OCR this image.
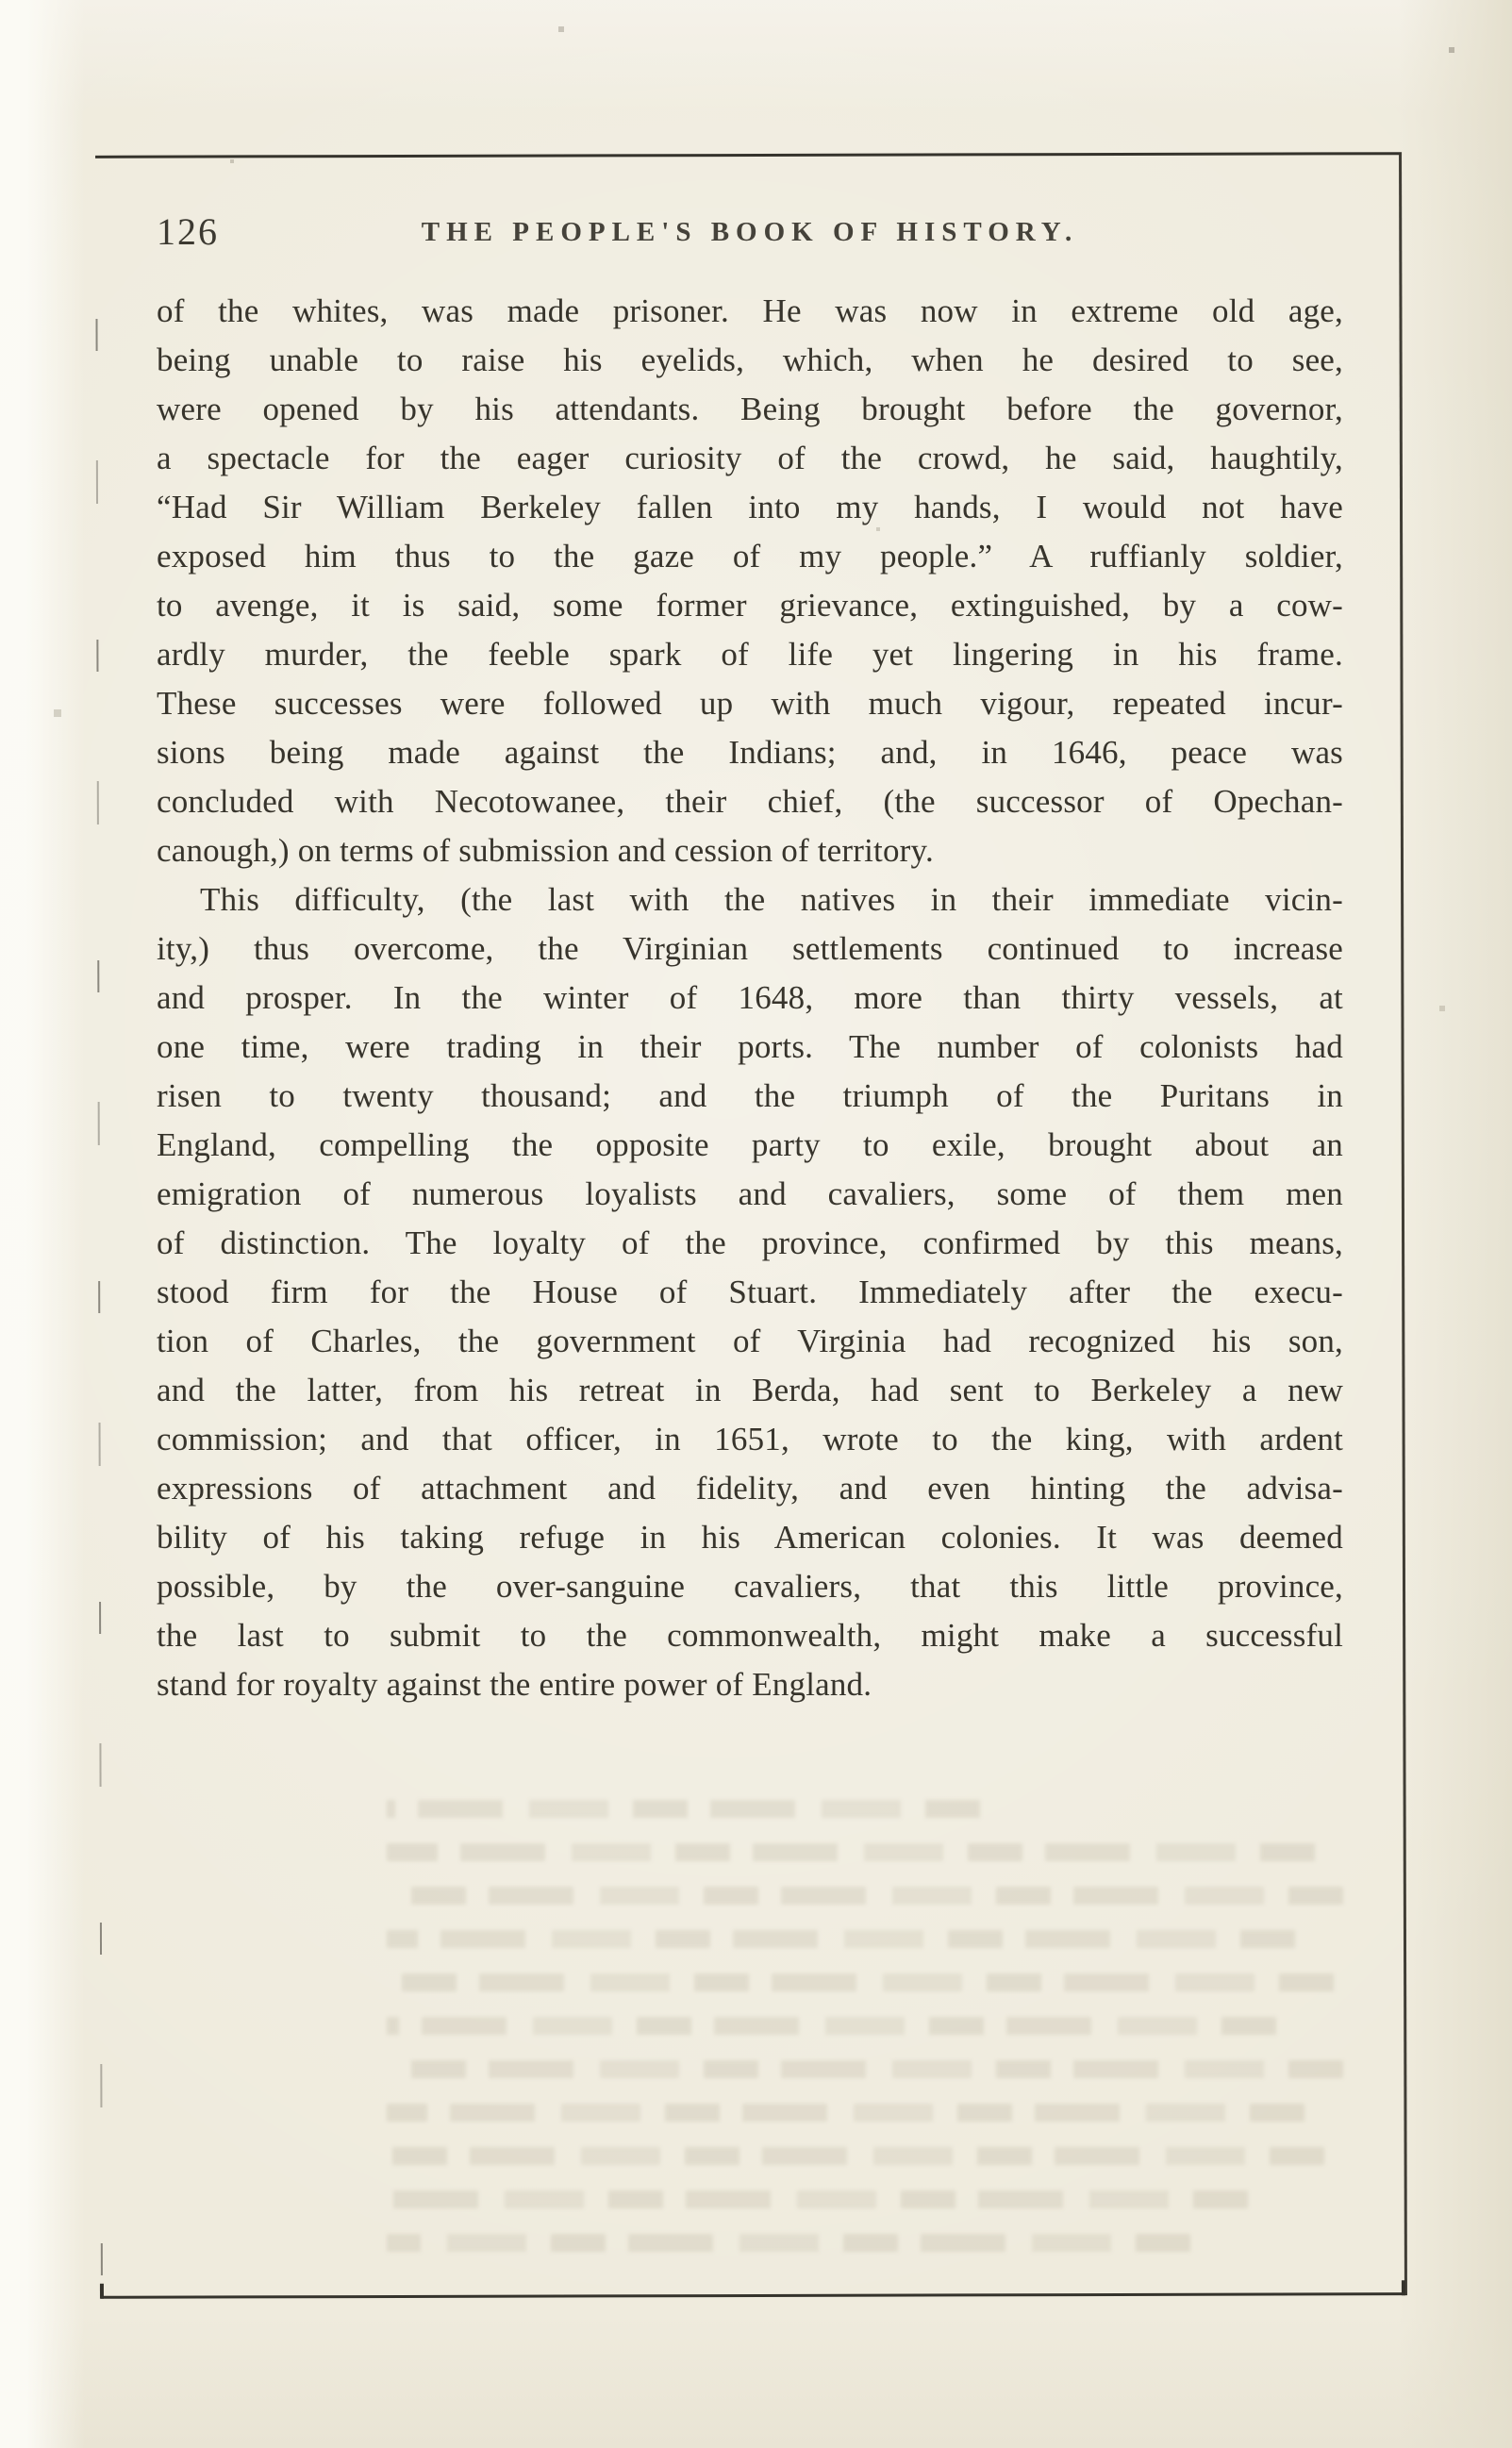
126	THE PEOPLE'S BOOK OF HISTORY.
of the whites, was made prisoner. He was now in extreme old age,
being unable to raise his eyelids, which, when he desired to see,
were opened by his attendants. Being brought before the governor,
a spectacle for the eager curiosity of the crowd, he said, haughtily,
“Had Sir William Berkeley fallen into my hands, I would not have
exposed him thus to the gaze of my people.” A ruffianly soldier,
to avenge, it is said, some former grievance, extinguished, by a cow-
ardly murder, the feeble spark of life yet lingering in his frame.
These successes were followed up with much vigour, repeated incur-
sions being made against the Indians; and, in 1646, peace was
concluded with Necotowanee, their chief, (the successor of Opechan-
canough,) on terms of submission and cession of territory.
This difficulty, (the last with the natives in their immediate vicin-
ity,) thus overcome, the Virginian settlements continued to increase
and prosper. In the winter of 1648, more than thirty vessels, at
one time, were trading in their ports. The number of colonists had
risen to twenty thousand; and the triumph of the Puritans in
England, compelling the opposite party to exile, brought about an
emigration of numerous loyalists and cavaliers, some of them men
of distinction. The loyalty of the province, confirmed by this means,
stood firm for the House of Stuart. Immediately after the execu-
tion of Charles, the government of Virginia had recognized his son,
and the latter, from his retreat in Berda, had sent to Berkeley a new
commission; and that officer, in 1651, wrote to the king, with ardent
expressions of attachment and fidelity, and even hinting the advisa-
bility of his taking refuge in his American colonies. It was deemed
possible, by the over-sanguine cavaliers, that this little province,
the last to submit to the commonwealth, might make a successful
stand for royalty against the entire power of England.
